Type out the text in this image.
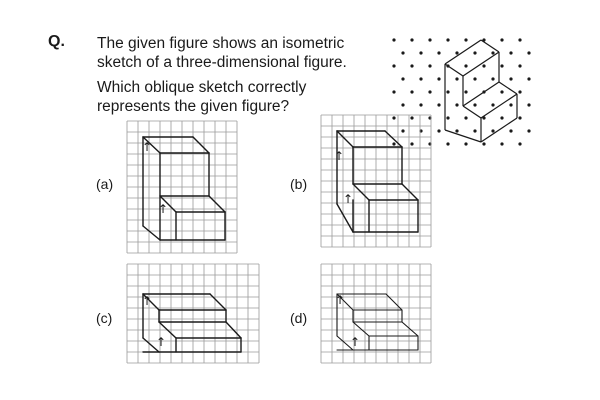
Q. The given figure shows an isometric
sketch of a three-dimensional figure.
Which oblique sketch correctly
represents the given figure?
(a)	(b)
(c)	(d)
↑
↑
↑
↑
↑
↑
↑
↑
